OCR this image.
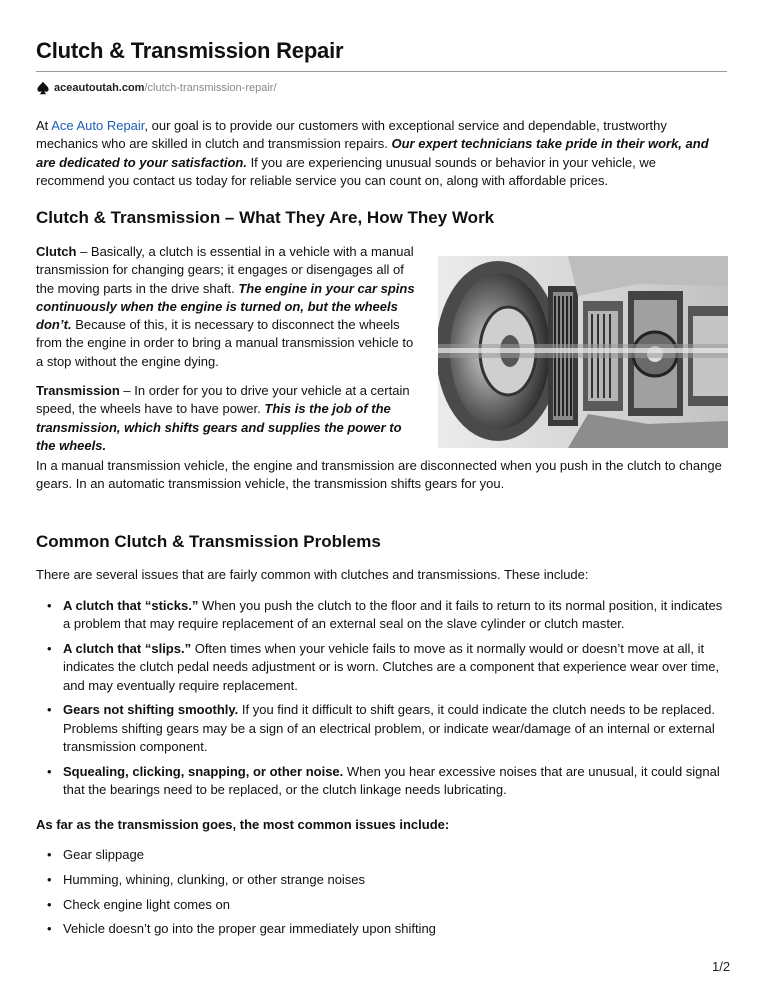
Clutch & Transmission Repair
aceautoutah.com /clutch-transmission-repair/

At Ace Auto Repair, our goal is to provide our customers with exceptional service and dependable, trustworthy mechanics who are skilled in clutch and transmission repairs. Our expert technicians take pride in their work, and are dedicated to your satisfaction. If you are experiencing unusual sounds or behavior in your vehicle, we recommend you contact us today for reliable service you can count on, along with affordable prices.

Clutch & Transmission – What They Are, How They Work

Clutch – Basically, a clutch is essential in a vehicle with a manual transmission for changing gears; it engages or disengages all of the moving parts in the drive shaft. The engine in your car spins continuously when the engine is turned on, but the wheels don’t. Because of this, it is necessary to disconnect the wheels from the engine in order to bring a manual transmission vehicle to a stop without the engine dying.

Transmission – In order for you to drive your vehicle at a certain speed, the wheels have to have power. This is the job of the transmission, which shifts gears and supplies the power to the wheels.

In a manual transmission vehicle, the engine and transmission are disconnected when you push in the clutch to change gears. In an automatic transmission vehicle, the transmission shifts gears for you.

Common Clutch & Transmission Problems

There are several issues that are fairly common with clutches and transmissions. These include:

• A clutch that “sticks.” When you push the clutch to the floor and it fails to return to its normal position, it indicates a problem that may require replacement of an external seal on the slave cylinder or clutch master.
• A clutch that “slips.” Often times when your vehicle fails to move as it normally would or doesn’t move at all, it indicates the clutch pedal needs adjustment or is worn. Clutches are a component that experience wear over time, and may eventually require replacement.
• Gears not shifting smoothly. If you find it difficult to shift gears, it could indicate the clutch needs to be replaced. Problems shifting gears may be a sign of an electrical problem, or indicate wear/damage of an internal or external transmission component.
• Squealing, clicking, snapping, or other noise. When you hear excessive noises that are unusual, it could signal that the bearings need to be replaced, or the clutch linkage needs lubricating.

As far as the transmission goes, the most common issues include:

• Gear slippage
• Humming, whining, clunking, or other strange noises
• Check engine light comes on
• Vehicle doesn’t go into the proper gear immediately upon shifting
1/2
